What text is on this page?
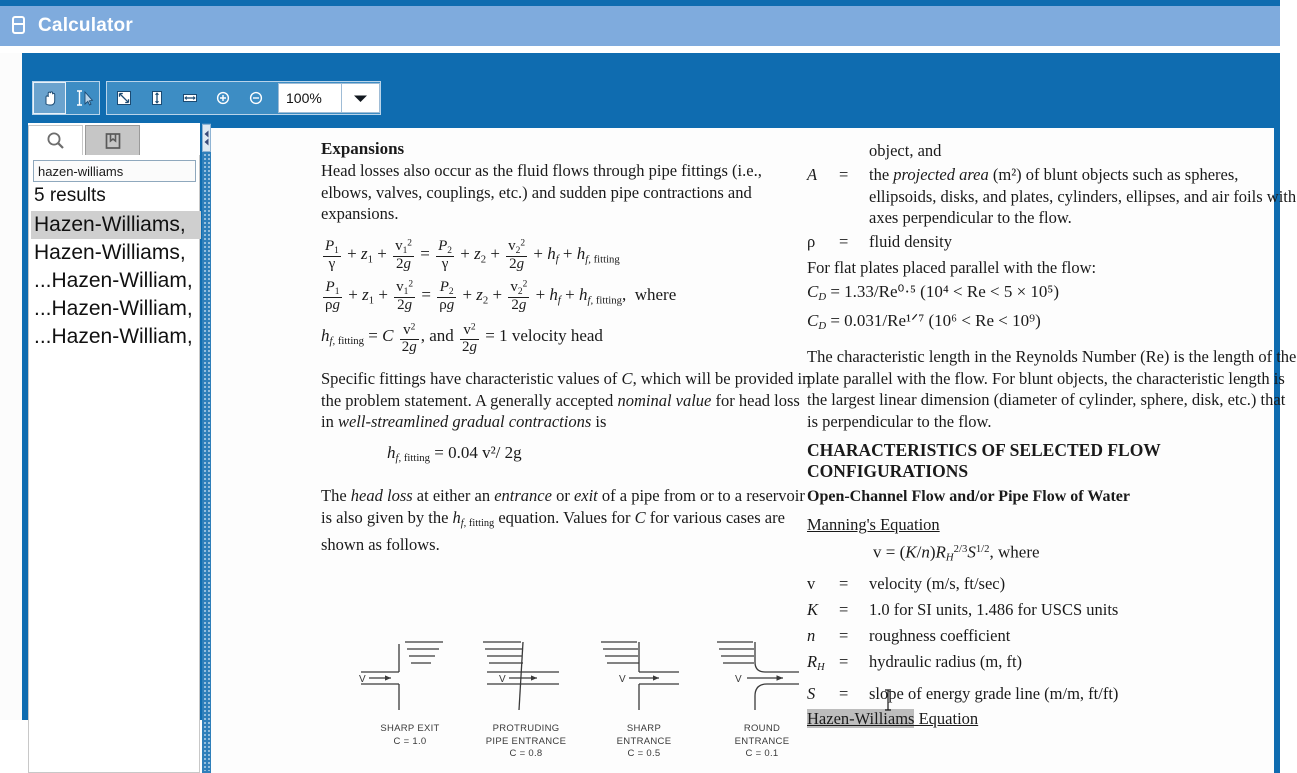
Calculator
100%
hazen-williams
5 results
Hazen-Williams,
Hazen-Williams,
...Hazen-William,
...Hazen-William,
...Hazen-William,
Expansions

Head losses also occur as the fluid flows through pipe fittings (i.e., elbows, valves, couplings, etc.) and sudden pipe contractions and expansions.

$\frac{P_1}{\gamma} + z_1 + \frac{v_1^2}{2g} = \frac{P_2}{\gamma} + z_2 + \frac{v_2^2}{2g} + h_f + h_{f, fitting}$
$\frac{P_1}{\rho g} + z_1 + \frac{v_1^2}{2g} = \frac{P_2}{\rho g} + z_2 + \frac{v_2^2}{2g} + h_f + h_{f, fitting}$,  where
$h_{f, fitting} = C \frac{v^2}{2g}$ , and $\frac{v^2}{2g} = 1$ velocity head

Specific fittings have characteristic values of C, which will be provided in the problem statement. A generally accepted nominal value for head loss in well-streamlined gradual contractions is

$h_{f, fitting} = 0.04$ v²/ 2g

The head loss at either an entrance or exit of a pipe from or to a reservoir is also given by the $h_{f, fitting}$ equation. Values for C for various cases are shown as follows.

object, and
A	=	the projected area (m²) of blunt objects such as spheres, ellipsoids, disks, and plates, cylinders, ellipses, and air foils with axes perpendicular to the flow.
ρ	=	fluid density

For flat plates placed parallel with the flow:

$C_D = 1.33/Re^0\cdot^5$ (10⁴ < Re < 5 × 10⁵)
$C_D$ = 0.031/Re¹ᐟ⁷ (10⁶ < Re < 10⁹)

The characteristic length in the Reynolds Number (Re) is the length of the plate parallel with the flow. For blunt objects, the characteristic length is the largest linear dimension (diameter of cylinder, sphere, disk, etc.) that is perpendicular to the flow.

CHARACTERISTICS OF SELECTED FLOW CONFIGURATIONS
Open-Channel Flow and/or Pipe Flow of Water
Manning's Equation
$v = (K/n)R_H^{2/3}S^{1/2}$, where
v	=	velocity (m/s, ft/sec)
K	=	1.0 for SI units, 1.486 for USCS units
n	=	roughness coefficient
$R_H$ =	hydraulic radius (m, ft)
S	=	slope of energy grade line (m/m, ft/ft)
Hazen-Williams Equation
V
SHARP EXIT
C = 1.0
V
PROTRUDING
PIPE ENTRANCE
C = 0.8
V
SHARP
ENTRANCE
C = 0.5
V
ROUND
ENTRANCE
C = 0.1
